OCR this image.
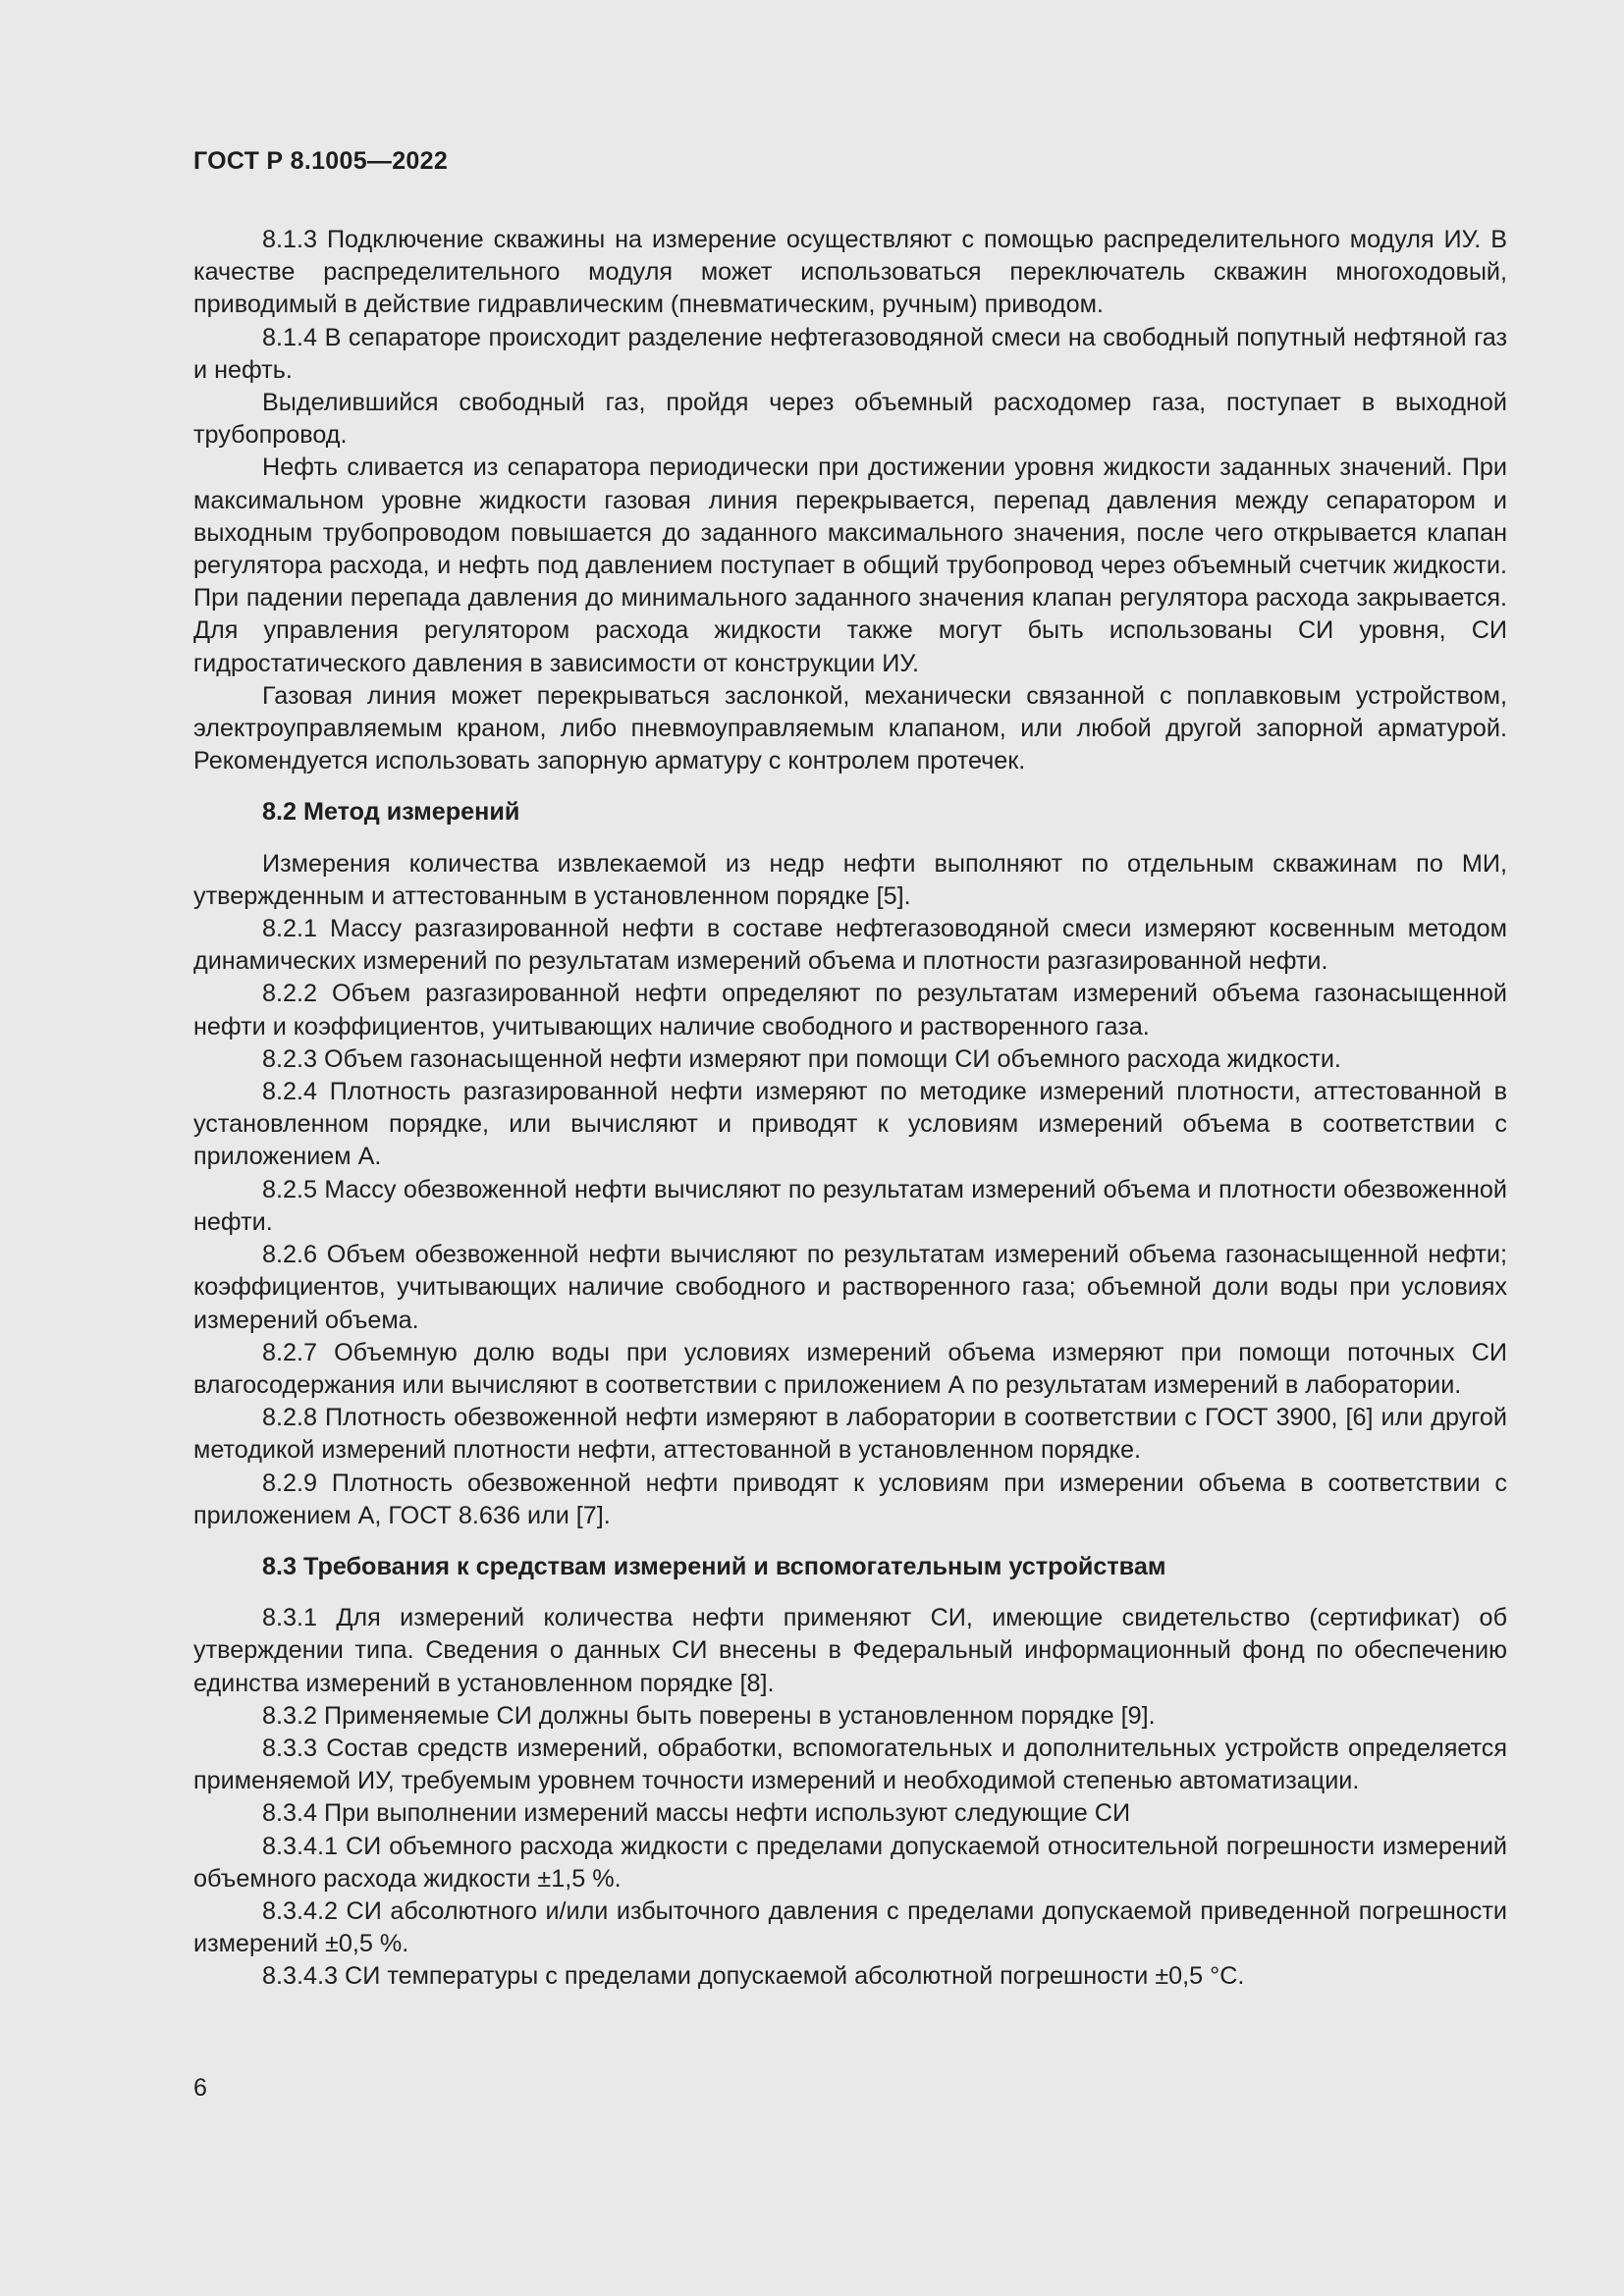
ГОСТ Р 8.1005—2022

8.1.3 Подключение скважины на измерение осуществляют с помощью распределительного модуля ИУ. В качестве распределительного модуля может использоваться переключатель скважин многоходовый, приводимый в действие гидравлическим (пневматическим, ручным) приводом.

8.1.4 В сепараторе происходит разделение нефтегазоводяной смеси на свободный попутный нефтяной газ и нефть.

Выделившийся свободный газ, пройдя через объемный расходомер газа, поступает в выходной трубопровод.

Нефть сливается из сепаратора периодически при достижении уровня жидкости заданных значений. При максимальном уровне жидкости газовая линия перекрывается, перепад давления между сепаратором и выходным трубопроводом повышается до заданного максимального значения, после чего открывается клапан регулятора расхода, и нефть под давлением поступает в общий трубопровод через объемный счетчик жидкости. При падении перепада давления до минимального заданного значения клапан регулятора расхода закрывается. Для управления регулятором расхода жидкости также могут быть использованы СИ уровня, СИ гидростатического давления в зависимости от конструкции ИУ.

Газовая линия может перекрываться заслонкой, механически связанной с поплавковым устройством, электроуправляемым краном, либо пневмоуправляемым клапаном, или любой другой запорной арматурой. Рекомендуется использовать запорную арматуру с контролем протечек.

8.2 Метод измерений

Измерения количества извлекаемой из недр нефти выполняют по отдельным скважинам по МИ, утвержденным и аттестованным в установленном порядке [5].

8.2.1 Массу разгазированной нефти в составе нефтегазоводяной смеси измеряют косвенным методом динамических измерений по результатам измерений объема и плотности разгазированной нефти.

8.2.2 Объем разгазированной нефти определяют по результатам измерений объема газонасыщенной нефти и коэффициентов, учитывающих наличие свободного и растворенного газа.

8.2.3 Объем газонасыщенной нефти измеряют при помощи СИ объемного расхода жидкости.

8.2.4 Плотность разгазированной нефти измеряют по методике измерений плотности, аттестованной в установленном порядке, или вычисляют и приводят к условиям измерений объема в соответствии с приложением А.

8.2.5 Массу обезвоженной нефти вычисляют по результатам измерений объема и плотности обезвоженной нефти.

8.2.6 Объем обезвоженной нефти вычисляют по результатам измерений объема газонасыщенной нефти; коэффициентов, учитывающих наличие свободного и растворенного газа; объемной доли воды при условиях измерений объема.

8.2.7 Объемную долю воды при условиях измерений объема измеряют при помощи поточных СИ влагосодержания или вычисляют в соответствии с приложением А по результатам измерений в лаборатории.

8.2.8 Плотность обезвоженной нефти измеряют в лаборатории в соответствии с ГОСТ 3900, [6] или другой методикой измерений плотности нефти, аттестованной в установленном порядке.

8.2.9 Плотность обезвоженной нефти приводят к условиям при измерении объема в соответствии с приложением А, ГОСТ 8.636 или [7].

8.3 Требования к средствам измерений и вспомогательным устройствам

8.3.1 Для измерений количества нефти применяют СИ, имеющие свидетельство (сертификат) об утверждении типа. Сведения о данных СИ внесены в Федеральный информационный фонд по обеспечению единства измерений в установленном порядке [8].

8.3.2 Применяемые СИ должны быть поверены в установленном порядке [9].

8.3.3 Состав средств измерений, обработки, вспомогательных и дополнительных устройств определяется применяемой ИУ, требуемым уровнем точности измерений и необходимой степенью автоматизации.

8.3.4 При выполнении измерений массы нефти используют следующие СИ

8.3.4.1 СИ объемного расхода жидкости с пределами допускаемой относительной погрешности измерений объемного расхода жидкости ±1,5 %.

8.3.4.2 СИ абсолютного и/или избыточного давления с пределами допускаемой приведенной погрешности измерений ±0,5 %.

8.3.4.3 СИ температуры с пределами допускаемой абсолютной погрешности ±0,5 °С.

6
